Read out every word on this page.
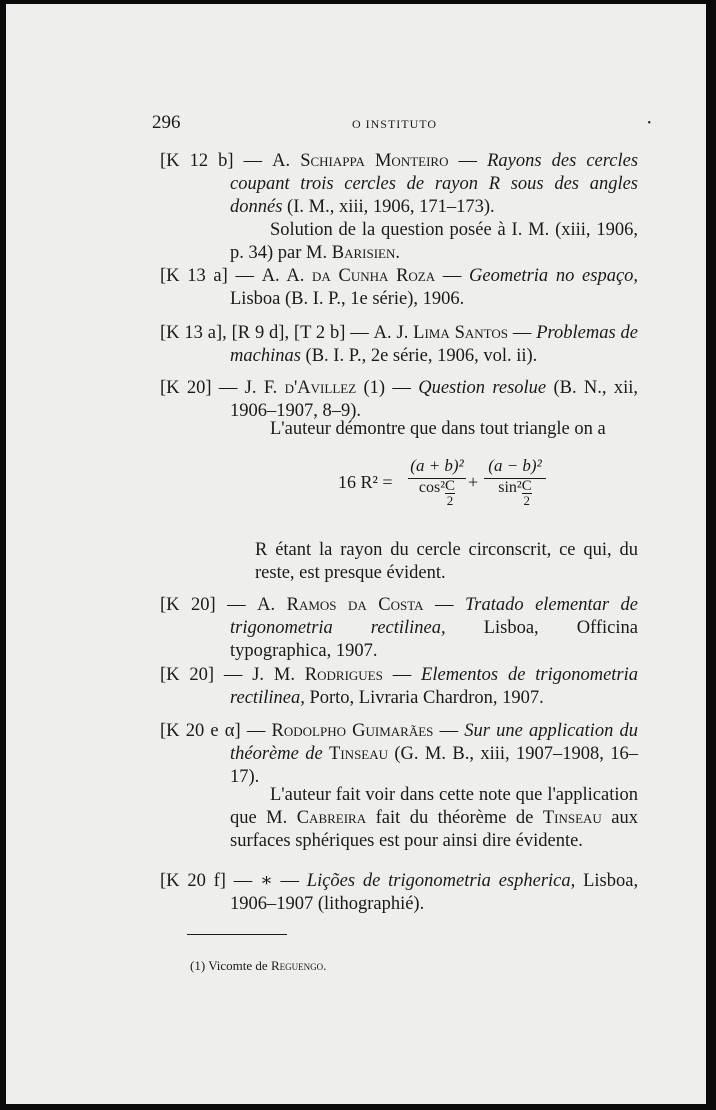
296	O INSTITUTO	•
[K 12 b] — A. Schiappa Monteiro — Rayons des cercles coupant trois cercles de rayon R sous des angles donnés (I. M., xiii, 1906, 171–173).
Solution de la question posée à I. M. (xiii, 1906, p. 34) par M. Barisien.
[K 13 a] — A. A. da Cunha Roza — Geometria no espaço, Lisboa (B. I. P., 1e série), 1906.
[K 13 a], [R 9 d], [T 2 b] — A. J. Lima Santos — Problemas de machinas (B. I. P., 2e série, 1906, vol. ii).
[K 20] — J. F. d'Avillez (1) — Question resolue (B. N., xii, 1906–1907, 8–9).
L'auteur démontre que dans tout triangle on a
16 R² =
(a + b)²
$\cos^2 \frac{C}{2}$ +
(a − b)²
$\sin^2 \frac{C}{2}$
R étant la rayon du cercle circonscrit, ce qui, du reste, est presque évident.
[K 20] — A. Ramos da Costa — Tratado elementar de trigonometria rectilinea, Lisboa, Officina typographica, 1907.
[K 20] — J. M. Rodrigues — Elementos de trigonometria rectilinea, Porto, Livraria Chardron, 1907.
[K 20 e α] — Rodolpho Guimarães — Sur une application du théorème de Tinseau (G. M. B., xiii, 1907–1908, 16–17).
L'auteur fait voir dans cette note que l'application que M. Cabreira fait du théorème de Tinseau aux surfaces sphériques est pour ainsi dire évidente.
[K 20 f] — ∗ — Lições de trigonometria espherica, Lisboa, 1906–1907 (lithographié).
(1) Vicomte de Reguengo.
